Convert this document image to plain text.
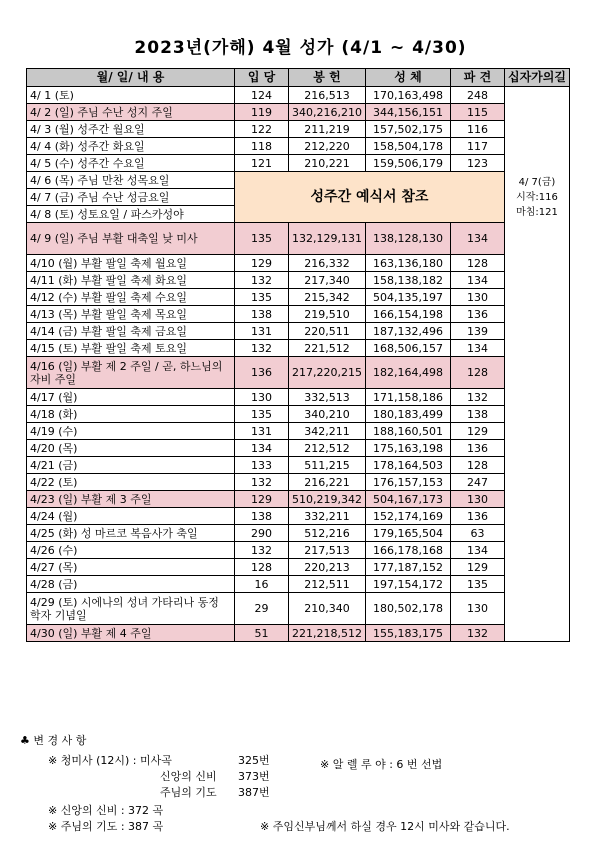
2023년(가해) 4월 성가 (4/1 ~ 4/30)
월/ 일/ 내 용	입 당	봉 헌	성 체	파 견	십자가의길
4/ 1 (토)	124	216,513	170,163,498	248	
4/ 2 (일) 주님 수난 성지 주일	119	340,216,210	344,156,151	115	
4/ 3 (월) 성주간 월요일	122	211,219	157,502,175	116	
4/ 4 (화) 성주간 화요일	118	212,220	158,504,178	117	
4/ 5 (수) 성주간 수요일	121	210,221	159,506,179	123	
4/ 6 (목) 주님 만찬 성목요일	성주간 예식서 참조				4/ 7(금)
시작:116
마침:121

4/ 7 (금) 주님 수난 성금요일					
4/ 8 (토) 성토요일 / 파스카성야					
4/ 9 (일) 주님 부활 대축일 낮 미사	135	132,129,131	138,128,130	134	
4/10 (월) 부활 팔일 축제 월요일	129	216,332	163,136,180	128	
4/11 (화) 부활 팔일 축제 화요일	132	217,340	158,138,182	134	
4/12 (수) 부활 팔일 축제 수요일	135	215,342	504,135,197	130	
4/13 (목) 부활 팔일 축제 목요일	138	219,510	166,154,198	136	
4/14 (금) 부활 팔일 축제 금요일	131	220,511	187,132,496	139	
4/15 (토) 부활 팔일 축제 토요일	132	221,512	168,506,157	134	
4/16 (일) 부활 제 2 주일 / 곧, 하느님의 자비 주일	136	217,220,215	182,164,498	128	
4/17 (월)	130	332,513	171,158,186	132	
4/18 (화)	135	340,210	180,183,499	138	
4/19 (수)	131	342,211	188,160,501	129	
4/20 (목)	134	212,512	175,163,198	136	
4/21 (금)	133	511,215	178,164,503	128	
4/22 (토)	132	216,221	176,157,153	247	
4/23 (일) 부활 제 3 주일	129	510,219,342	504,167,173	130	
4/24 (월)	138	332,211	152,174,169	136	
4/25 (화) 성 마르코 복음사가 축일	290	512,216	179,165,504	63	
4/26 (수)	132	217,513	166,178,168	134	
4/27 (목)	128	220,213	177,187,152	129	
4/28 (금)	16	212,511	197,154,172	135	
4/29 (토) 시에나의 성녀 가타리나 동정 학자 기념일	29	210,340	180,502,178	130	
4/30 (일) 부활 제 4 주일	51	221,218,512	155,183,175	132	
♣ 변 경 사 항
※ 청미사 (12시) : 미사곡	325번
신앙의 신비 373번
주님의 기도 387번
※ 신앙의 신비 : 372 곡
※ 주님의 기도 : 387 곡
※ 알 렐 루 야 : 6 번 선법
※ 주임신부님께서 하실 경우 12시 미사와 같습니다.
